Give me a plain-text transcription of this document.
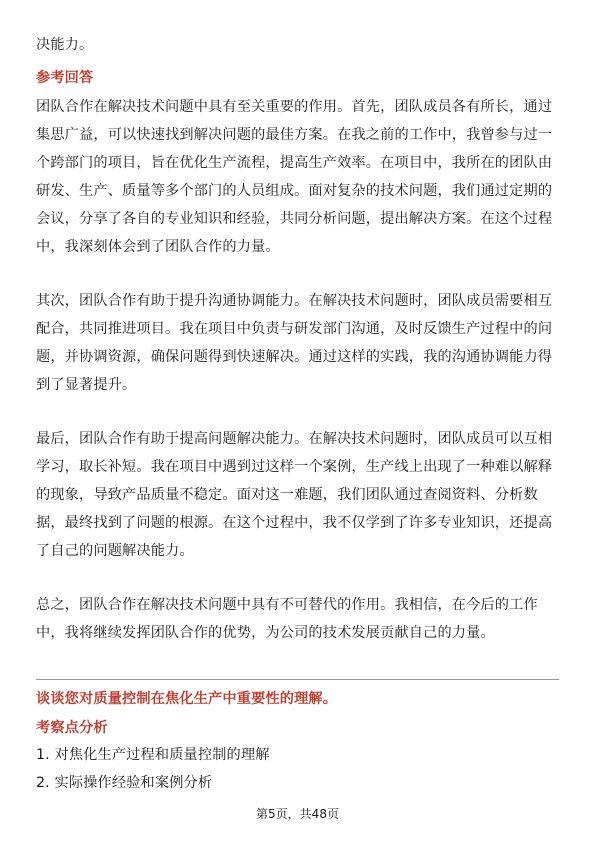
决能力。
参考回答
团队合作在解决技术问题中具有至关重要的作用。首先，团队成员各有所长，通过
集思广益，可以快速找到解决问题的最佳方案。在我之前的工作中，我曾参与过一
个跨部门的项目，旨在优化生产流程，提高生产效率。在项目中，我所在的团队由
研发、生产、质量等多个部门的人员组成。面对复杂的技术问题，我们通过定期的
会议，分享了各自的专业知识和经验，共同分析问题，提出解决方案。在这个过程
中，我深刻体会到了团队合作的力量。
其次，团队合作有助于提升沟通协调能力。在解决技术问题时，团队成员需要相互
配合，共同推进项目。我在项目中负责与研发部门沟通，及时反馈生产过程中的问
题，并协调资源，确保问题得到快速解决。通过这样的实践，我的沟通协调能力得
到了显著提升。
最后，团队合作有助于提高问题解决能力。在解决技术问题时，团队成员可以互相
学习，取长补短。我在项目中遇到过这样一个案例，生产线上出现了一种难以解释
的现象，导致产品质量不稳定。面对这一难题，我们团队通过查阅资料、分析数
据，最终找到了问题的根源。在这个过程中，我不仅学到了许多专业知识，还提高
了自己的问题解决能力。
总之，团队合作在解决技术问题中具有不可替代的作用。我相信，在今后的工作
中，我将继续发挥团队合作的优势，为公司的技术发展贡献自己的力量。
谈谈您对质量控制在焦化生产中重要性的理解。
考察点分析
1. 对焦化生产过程和质量控制的理解
2. 实际操作经验和案例分析
第5页，共48页
